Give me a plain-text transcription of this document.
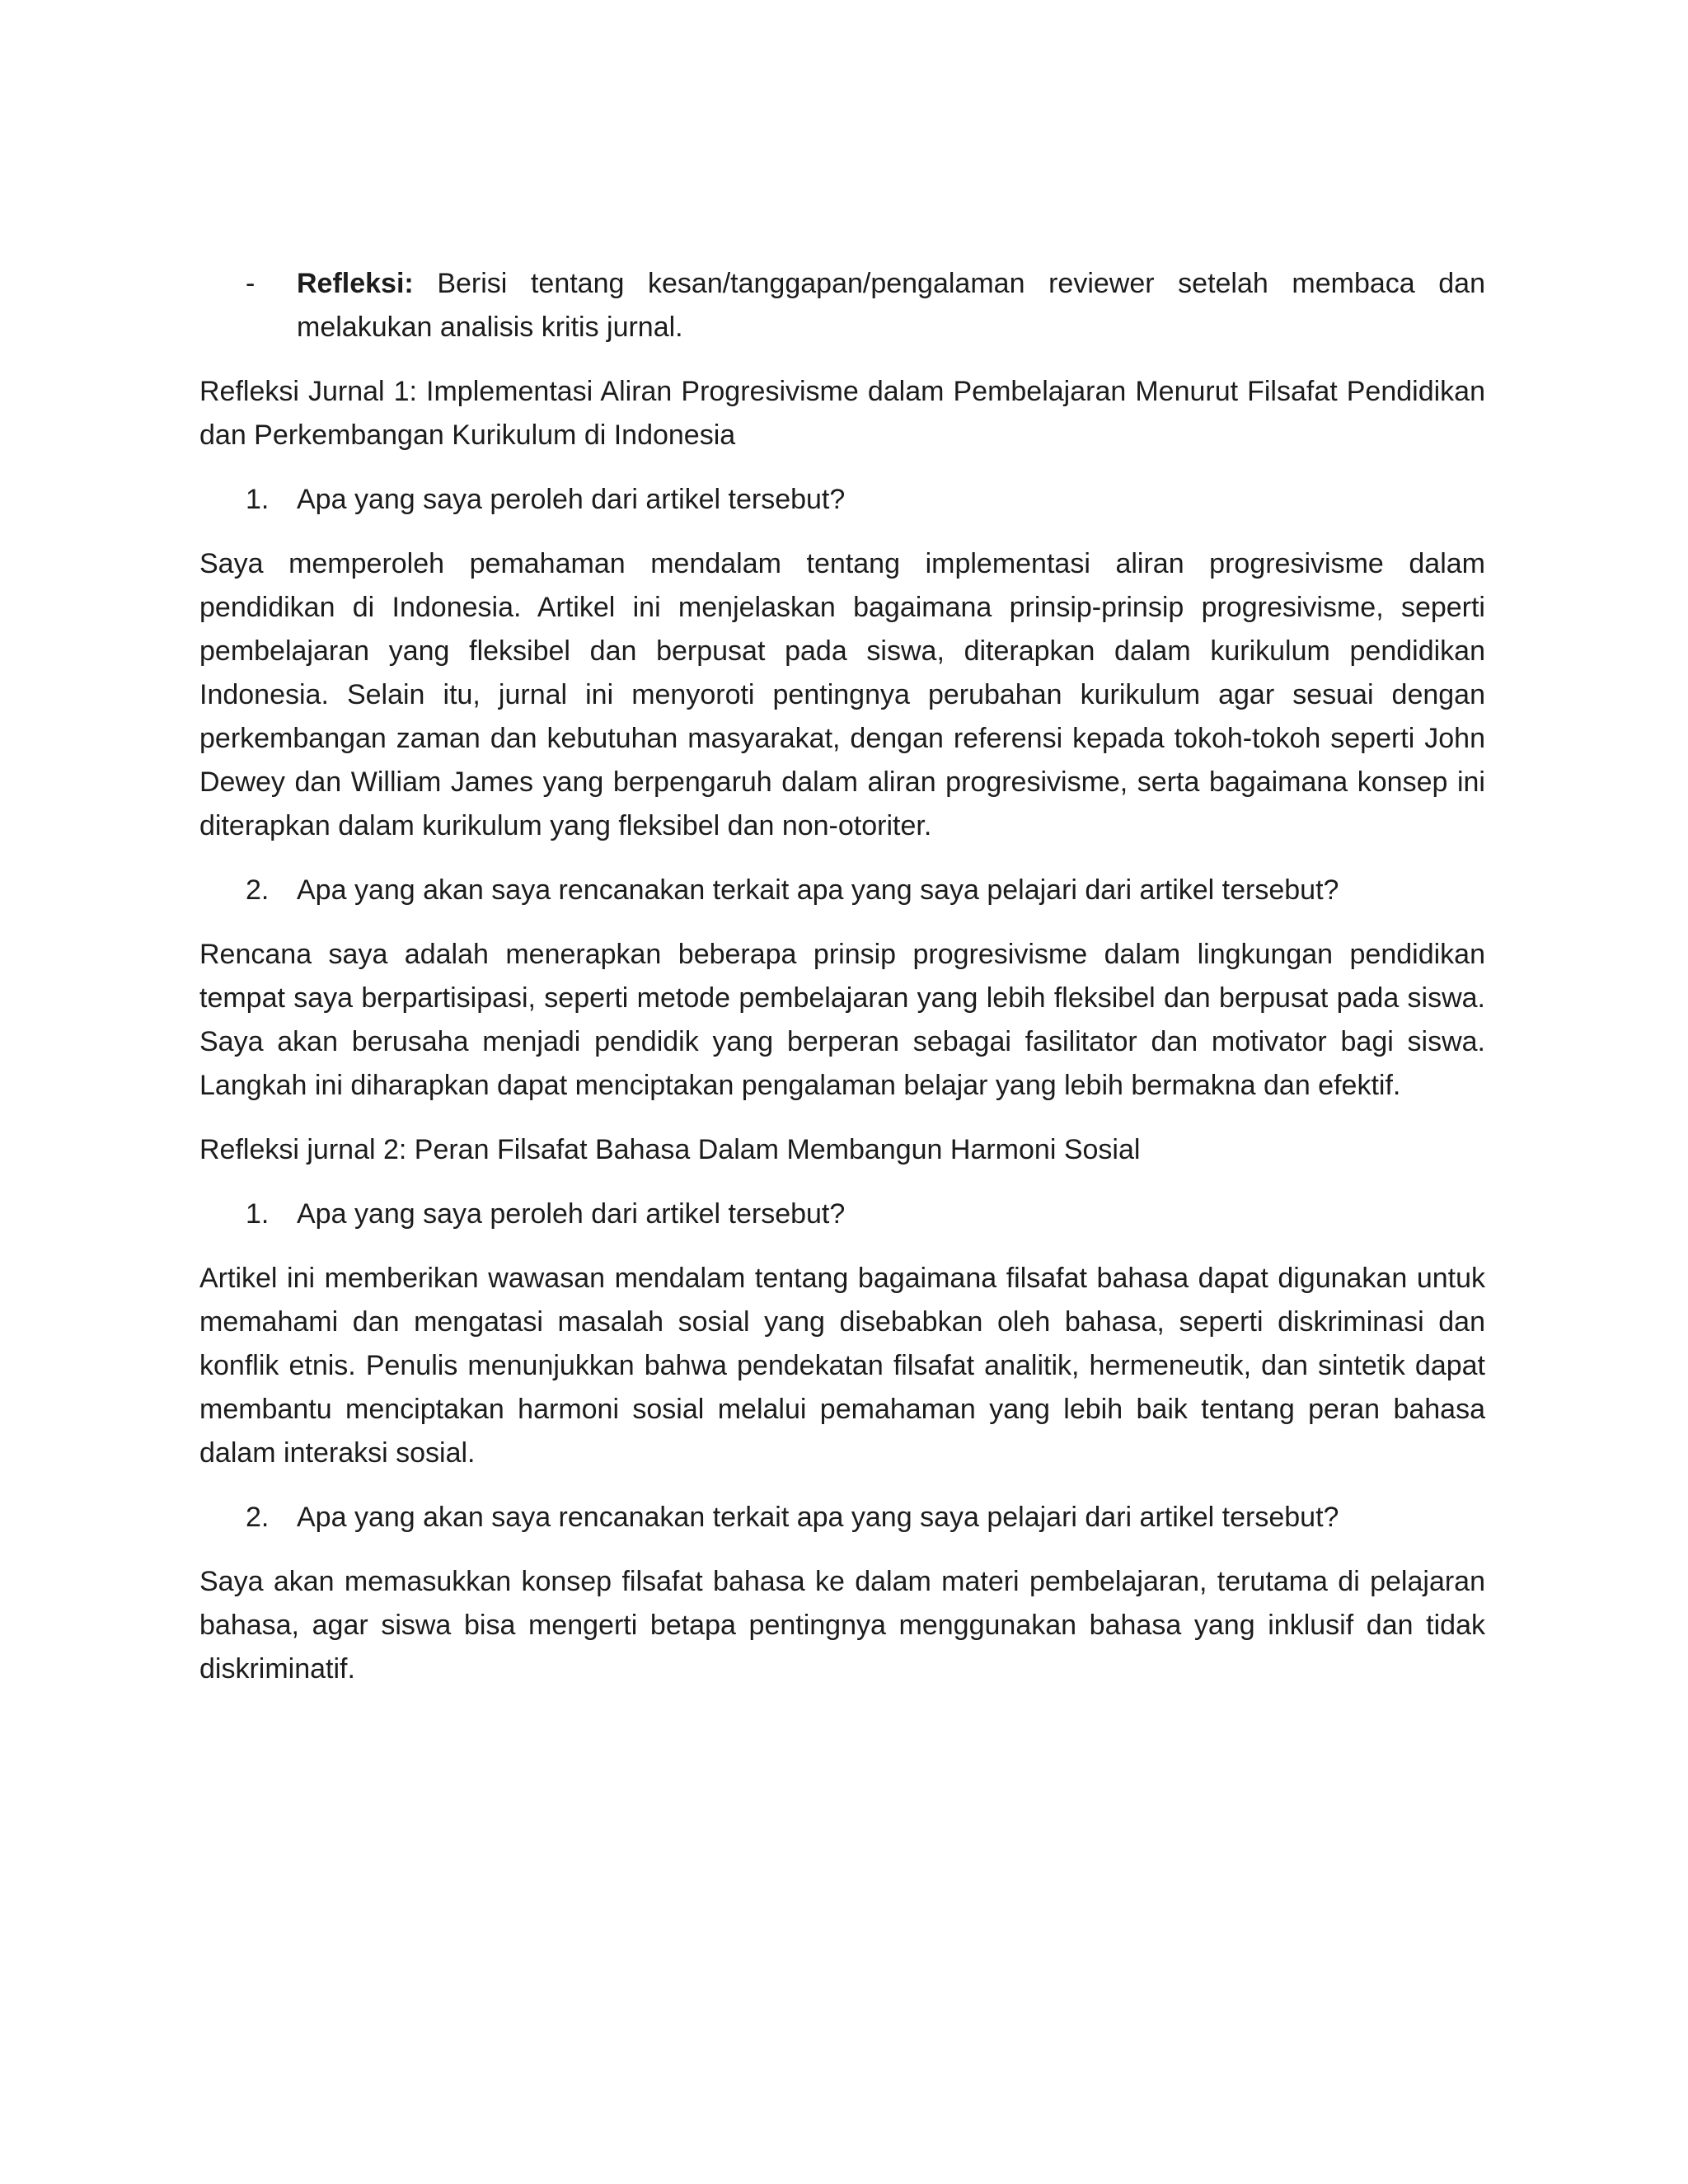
- Refleksi: Berisi tentang kesan/tanggapan/pengalaman reviewer setelah membaca dan melakukan analisis kritis jurnal.

Refleksi Jurnal 1: Implementasi Aliran Progresivisme dalam Pembelajaran Menurut Filsafat Pendidikan dan Perkembangan Kurikulum di Indonesia

1. Apa yang saya peroleh dari artikel tersebut?

Saya memperoleh pemahaman mendalam tentang implementasi aliran progresivisme dalam pendidikan di Indonesia. Artikel ini menjelaskan bagaimana prinsip-prinsip progresivisme, seperti pembelajaran yang fleksibel dan berpusat pada siswa, diterapkan dalam kurikulum pendidikan Indonesia. Selain itu, jurnal ini menyoroti pentingnya perubahan kurikulum agar sesuai dengan perkembangan zaman dan kebutuhan masyarakat, dengan referensi kepada tokoh-tokoh seperti John Dewey dan William James yang berpengaruh dalam aliran progresivisme, serta bagaimana konsep ini diterapkan dalam kurikulum yang fleksibel dan non-otoriter.

2. Apa yang akan saya rencanakan terkait apa yang saya pelajari dari artikel tersebut?

Rencana saya adalah menerapkan beberapa prinsip progresivisme dalam lingkungan pendidikan tempat saya berpartisipasi, seperti metode pembelajaran yang lebih fleksibel dan berpusat pada siswa. Saya akan berusaha menjadi pendidik yang berperan sebagai fasilitator dan motivator bagi siswa. Langkah ini diharapkan dapat menciptakan pengalaman belajar yang lebih bermakna dan efektif.

Refleksi jurnal 2: Peran Filsafat Bahasa Dalam Membangun Harmoni Sosial

1. Apa yang saya peroleh dari artikel tersebut?

Artikel ini memberikan wawasan mendalam tentang bagaimana filsafat bahasa dapat digunakan untuk memahami dan mengatasi masalah sosial yang disebabkan oleh bahasa, seperti diskriminasi dan konflik etnis. Penulis menunjukkan bahwa pendekatan filsafat analitik, hermeneutik, dan sintetik dapat membantu menciptakan harmoni sosial melalui pemahaman yang lebih baik tentang peran bahasa dalam interaksi sosial.

2. Apa yang akan saya rencanakan terkait apa yang saya pelajari dari artikel tersebut?

Saya akan memasukkan konsep filsafat bahasa ke dalam materi pembelajaran, terutama di pelajaran bahasa, agar siswa bisa mengerti betapa pentingnya menggunakan bahasa yang inklusif dan tidak diskriminatif.
